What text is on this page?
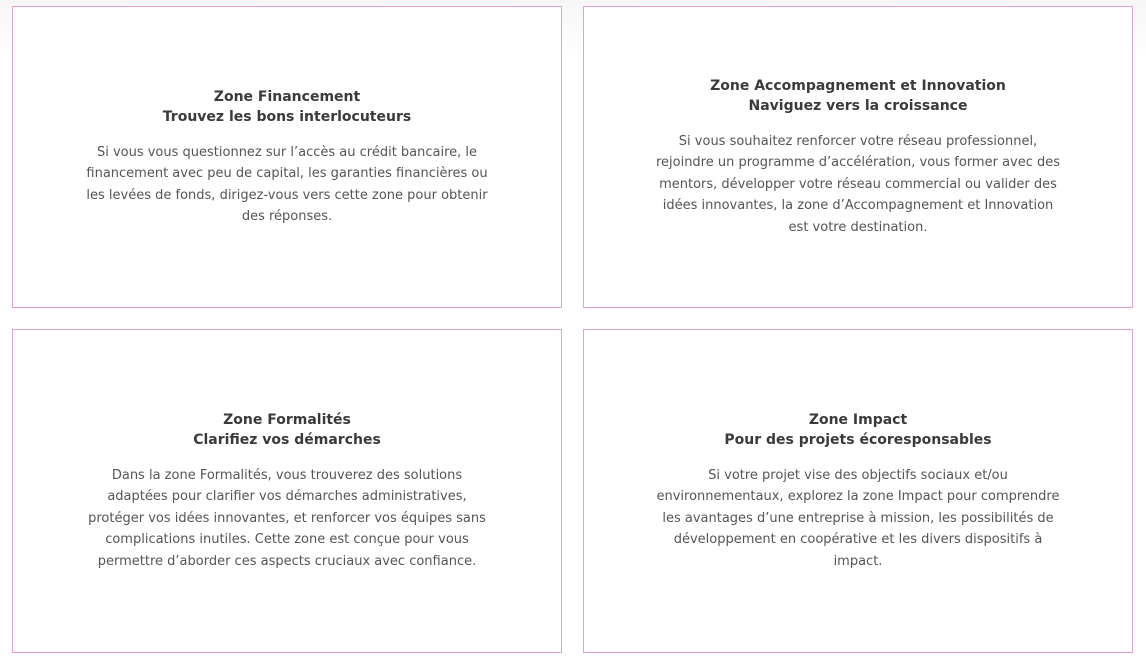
Zone Financement
Trouvez les bons interlocuteurs

Si vous vous questionnez sur l’accès au crédit bancaire, le financement avec peu de capital, les garanties financières ou les levées de fonds, dirigez-vous vers cette zone pour obtenir des réponses.

Zone Accompagnement et Innovation
Naviguez vers la croissance

Si vous souhaitez renforcer votre réseau professionnel, rejoindre un programme d’accélération, vous former avec des mentors, développer votre réseau commercial ou valider des idées innovantes, la zone d’Accompagnement et Innovation est votre destination.

Zone Formalités
Clarifiez vos démarches

Dans la zone Formalités, vous trouverez des solutions adaptées pour clarifier vos démarches administratives, protéger vos idées innovantes, et renforcer vos équipes sans complications inutiles. Cette zone est conçue pour vous permettre d’aborder ces aspects cruciaux avec confiance.

Zone Impact
Pour des projets écoresponsables

Si votre projet vise des objectifs sociaux et/ou environnementaux, explorez la zone Impact pour comprendre les avantages d’une entreprise à mission, les possibilités de développement en coopérative et les divers dispositifs à impact.
